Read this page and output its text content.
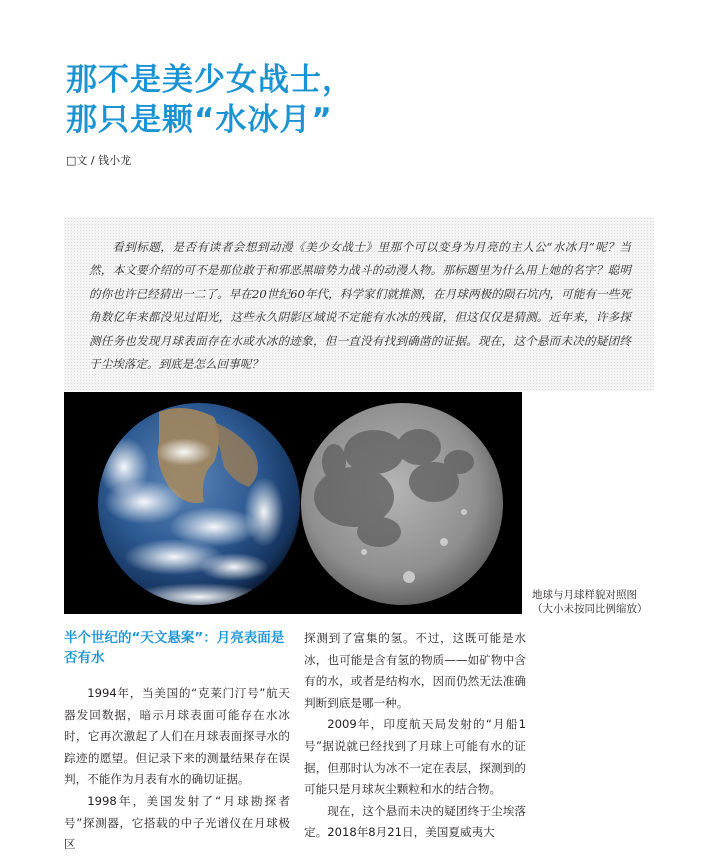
那不是美少女战士，
那只是颗“水冰月”
□文 / 钱小龙

看到标题，是否有读者会想到动漫《美少女战士》里那个可以变身为月亮的主人公“水冰月”呢？当然，本文要介绍的可不是那位敢于和邪恶黑暗势力战斗的动漫人物。那标题里为什么用上她的名字？聪明的你也许已经猜出一二了。早在20世纪60年代，科学家们就推测，在月球两极的陨石坑内，可能有一些死角数亿年来都没见过阳光，这些永久阴影区域说不定能有水冰的残留，但这仅仅是猜测。近年来，许多探测任务也发现月球表面存在水或水冰的迹象，但一直没有找到确凿的证据。现在，这个悬而未决的疑团终于尘埃落定。到底是怎么回事呢？

地球与月球样貌对照图
（大小未按同比例缩放）
半个世纪的“天文悬案”：月亮表面是否有水

1994年，当美国的“克莱门汀号”航天器发回数据，暗示月球表面可能存在水冰时，它再次激起了人们在月球表面探寻水的踪迹的愿望。但记录下来的测量结果存在误判，不能作为月表有水的确切证据。

1998年，美国发射了“月球勘探者号”探测器，它搭载的中子光谱仪在月球极区

探测到了富集的氢。不过，这既可能是水冰，也可能是含有氢的物质——如矿物中含有的水，或者是结构水，因而仍然无法准确判断到底是哪一种。

2009年，印度航天局发射的“月船1号”据说就已经找到了月球上可能有水的证据，但那时认为冰不一定在表层，探测到的可能只是月球灰尘颗粒和水的结合物。

现在，这个悬而未决的疑团终于尘埃落定。2018年8月21日，美国夏威夷大
